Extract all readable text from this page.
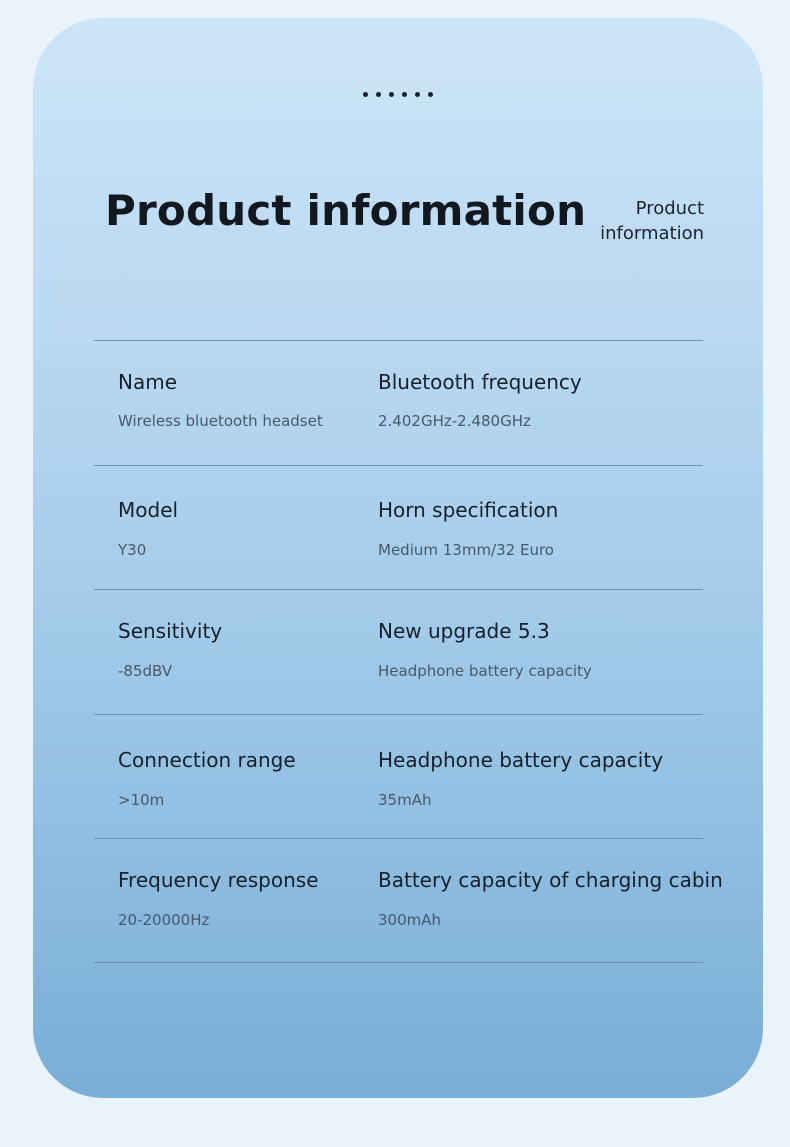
Product information	Product
information
Name
Wireless bluetooth headset
Bluetooth frequency
2.402GHz-2.480GHz
Model
Y30
Horn specification
Medium 13mm/32 Euro
Sensitivity
-85dBV
New upgrade 5.3
Headphone battery capacity
Connection range
>10m
Headphone battery capacity
35mAh
Frequency response
20-20000Hz
Battery capacity of charging cabin
300mAh
